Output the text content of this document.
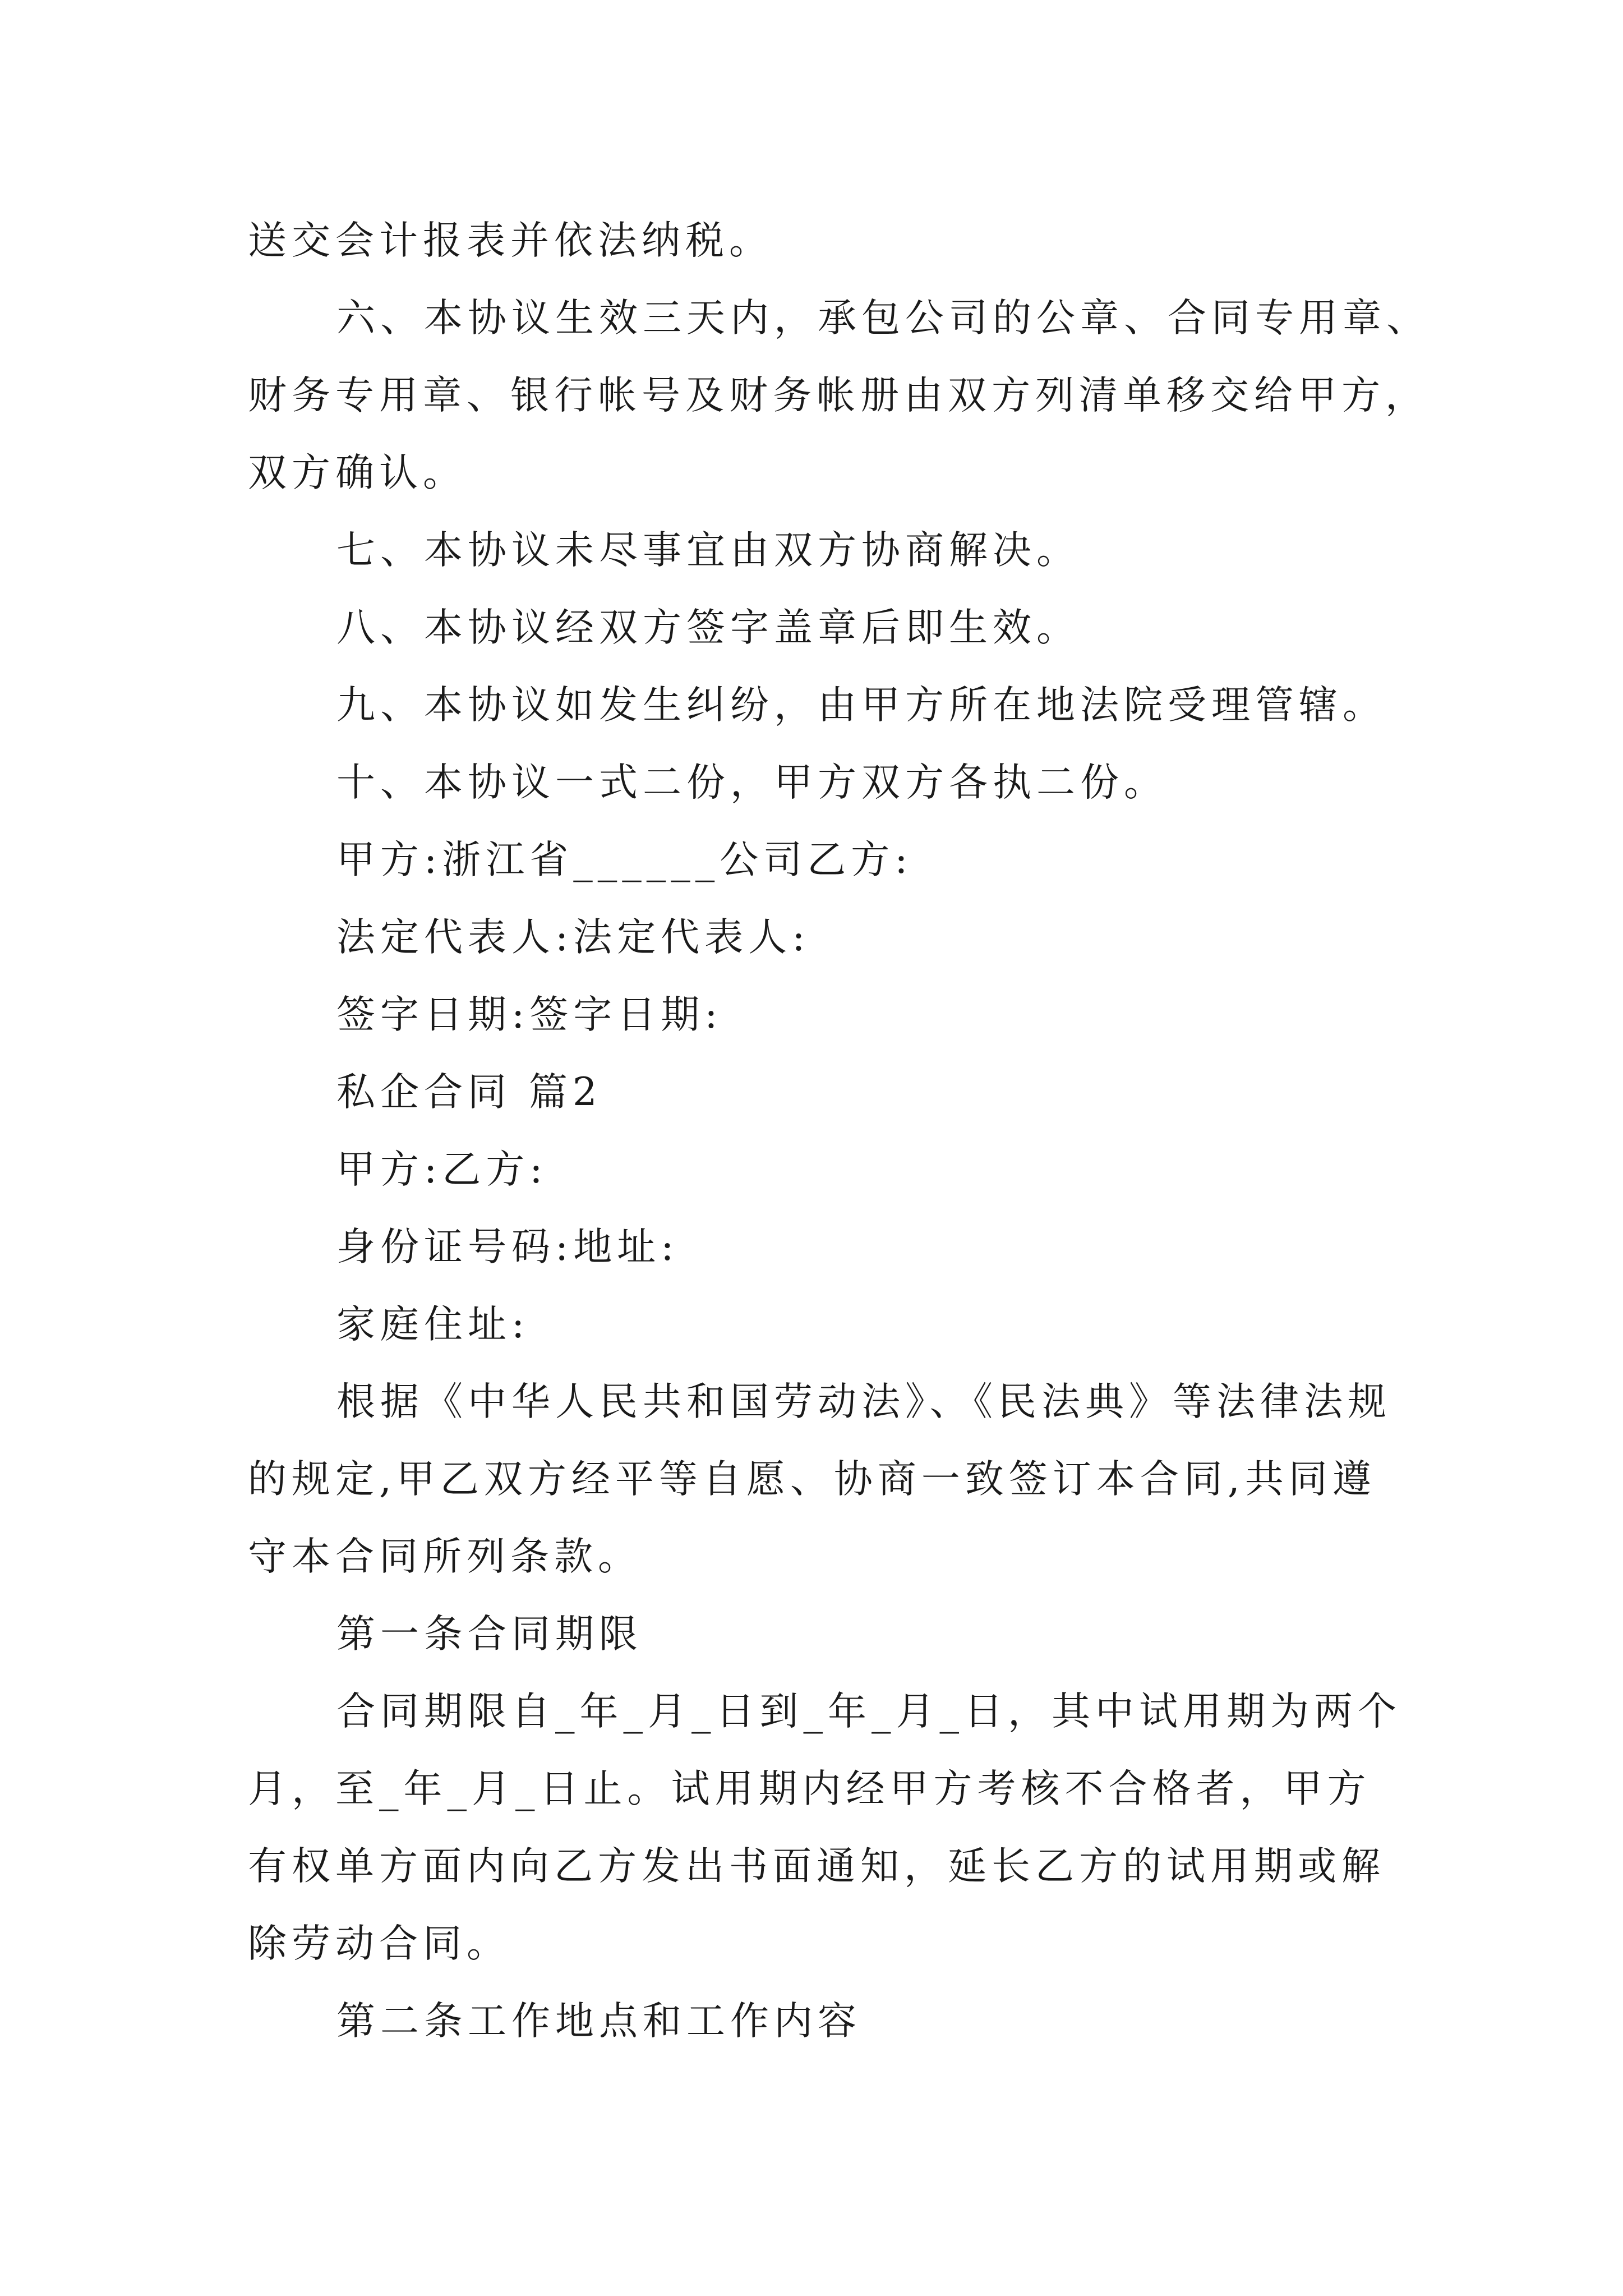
送交会计报表并依法纳税。
六、本协议生效三天内，承包公司的公章、合同专用章、
财务专用章、银行帐号及财务帐册由双方列清单移交给甲方，
双方确认。
七、本协议未尽事宜由双方协商解决。
八、本协议经双方签字盖章后即生效。
九、本协议如发生纠纷，由甲方所在地法院受理管辖。
十、本协议一式二份，甲方双方各执二份。
甲方:浙江省______公司乙方:
法定代表人:法定代表人:
签字日期:签字日期:
私企合同 篇2
甲方:乙方:
身份证号码:地址:
家庭住址:
根据《中华人民共和国劳动法》、《民法典》等法律法规
的规定,甲乙双方经平等自愿、协商一致签订本合同,共同遵
守本合同所列条款。
第一条合同期限
合同期限自_年_月_日到_年_月_日，其中试用期为两个
月，至_年_月_日止。试用期内经甲方考核不合格者，甲方
有权单方面内向乙方发出书面通知，延长乙方的试用期或解
除劳动合同。
第二条工作地点和工作内容
